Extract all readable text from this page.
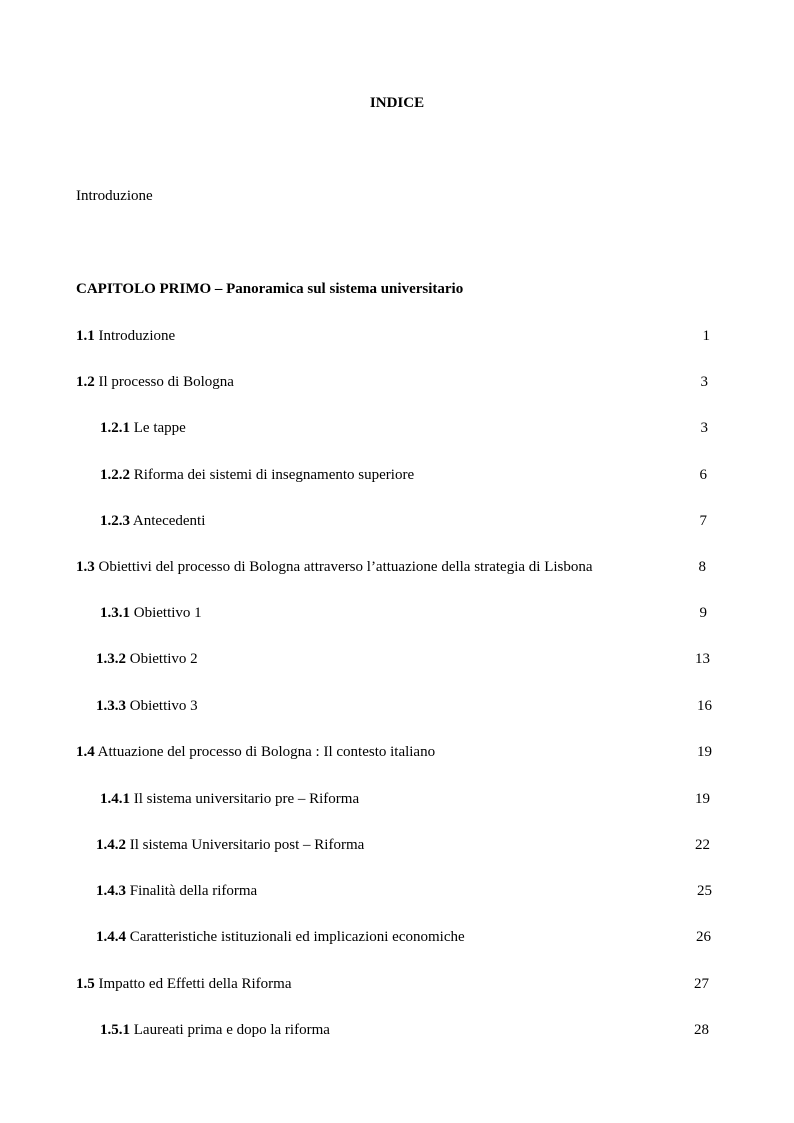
INDICE
Introduzione
CAPITOLO PRIMO – Panoramica sul sistema universitario
1.1 Introduzione	1
1.2 Il processo di Bologna	3
1.2.1 Le tappe	3
1.2.2 Riforma dei sistemi di insegnamento superiore	6
1.2.3 Antecedenti	7
1.3 Obiettivi del processo di Bologna attraverso l’attuazione della strategia di Lisbona	8
1.3.1 Obiettivo 1	9
1.3.2 Obiettivo 2	13
1.3.3 Obiettivo 3	16
1.4 Attuazione del processo di Bologna : Il contesto italiano	19
1.4.1 Il sistema universitario pre – Riforma	19
1.4.2 Il sistema Universitario post – Riforma	22
1.4.3 Finalità della riforma	25
1.4.4 Caratteristiche istituzionali ed implicazioni economiche	26
1.5 Impatto ed Effetti della Riforma	27
1.5.1 Laureati prima e dopo la riforma	28
